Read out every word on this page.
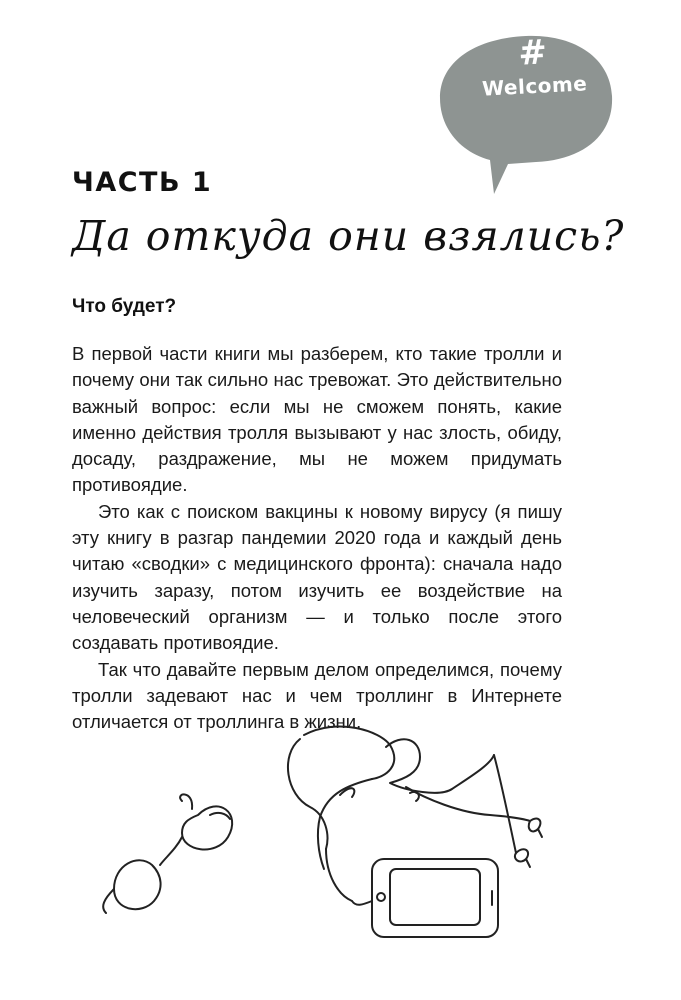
#
Welcome
ЧАСТЬ 1
Да откуда они взялись?
Что будет?

В первой части книги мы разберем, кто такие тролли и почему они так сильно нас тревожат. Это действительно важный вопрос: если мы не сможем понять, какие именно действия тролля вызывают у нас злость, обиду, досаду, раздражение, мы не можем придумать противоядие.

Это как с поиском вакцины к новому вирусу (я пишу эту книгу в разгар пандемии 2020 года и каждый день читаю «сводки» с медицинского фронта): сначала надо изучить заразу, потом изучить ее воздействие на человеческий организм — и только после этого создавать противоядие.

Так что давайте первым делом определимся, почему тролли задевают нас и чем троллинг в Интернете отличается от троллинга в жизни.
